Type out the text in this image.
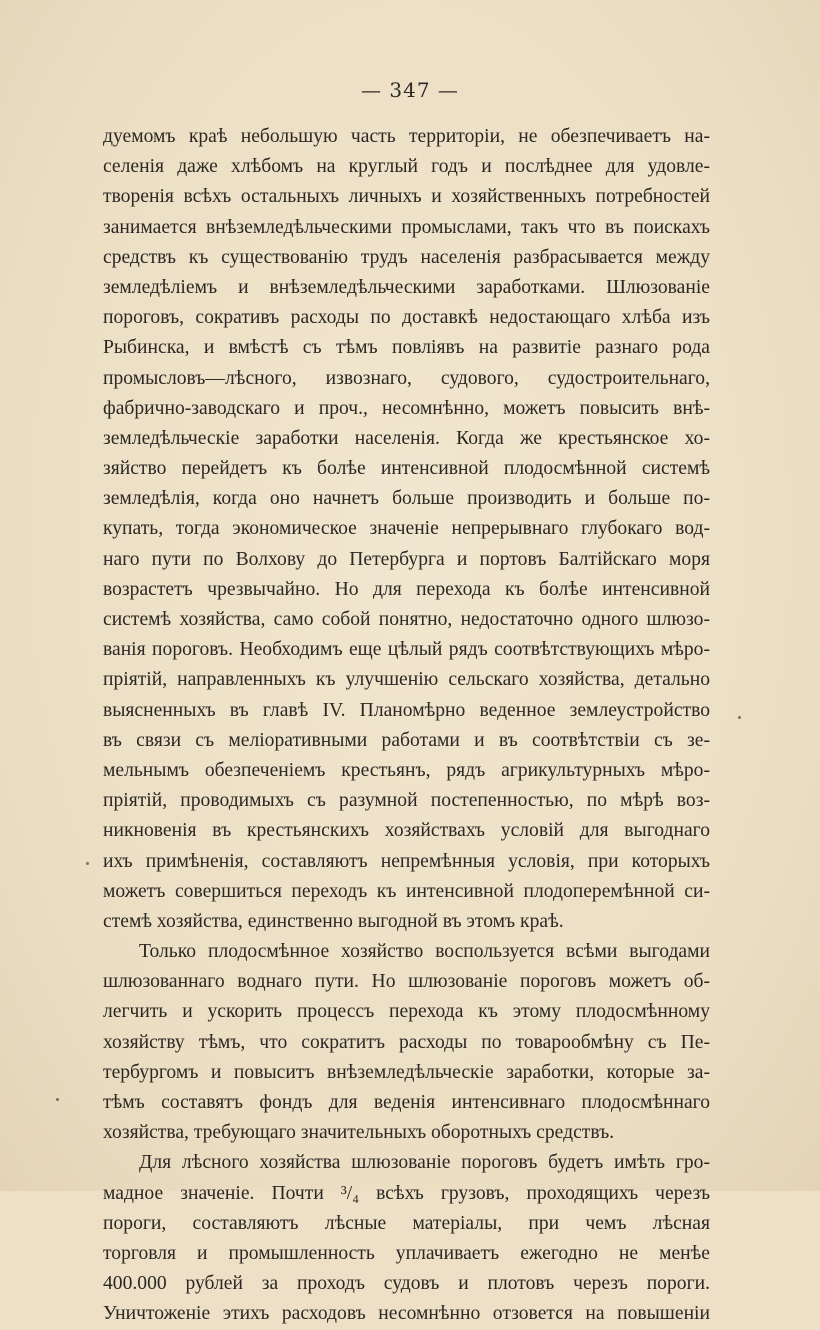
— 347 —
дуемомъ краѣ небольшую часть территоріи, не обезпечиваетъ на-
селенія даже хлѣбомъ на круглый годъ и послѣднее для удовле-
творенія всѣхъ остальныхъ личныхъ и хозяйственныхъ потребностей
занимается внѣземледѣльческими промыслами, такъ что въ поискахъ
средствъ къ существованію трудъ населенія разбрасывается между
земледѣліемъ и внѣземледѣльческими заработками. Шлюзованіе
пороговъ, сокративъ расходы по доставкѣ недостающаго хлѣба изъ
Рыбинска, и вмѣстѣ съ тѣмъ повліявъ на развитіе разнаго рода
промысловъ—лѣсного, извознаго, судового, судостроительнаго,
фабрично-заводскаго и проч., несомнѣнно, можетъ повысить внѣ-
земледѣльческіе заработки населенія. Когда же крестьянское хо-
зяйство перейдетъ къ болѣе интенсивной плодосмѣнной системѣ
земледѣлія, когда оно начнетъ больше производить и больше по-
купать, тогда экономическое значеніе непрерывнаго глубокаго вод-
наго пути по Волхову до Петербурга и портовъ Балтійскаго моря
возрастетъ чрезвычайно. Но для перехода къ болѣе интенсивной
системѣ хозяйства, само собой понятно, недостаточно одного шлюзо-
ванія пороговъ. Необходимъ еще цѣлый рядъ соотвѣтствующихъ мѣро-
пріятій, направленныхъ къ улучшенію сельскаго хозяйства, детально
выясненныхъ въ главѣ IV. Планомѣрно веденное землеустройство
въ связи съ меліоративными работами и въ соотвѣтствіи съ зе-
мельнымъ обезпеченіемъ крестьянъ, рядъ агрикультурныхъ мѣро-
пріятій, проводимыхъ съ разумной постепенностью, по мѣрѣ воз-
никновенія въ крестьянскихъ хозяйствахъ условій для выгоднаго
ихъ примѣненія, составляютъ непремѣнныя условія, при которыхъ
можетъ совершиться переходъ къ интенсивной плодоперемѣнной си-
стемѣ хозяйства, единственно выгодной въ этомъ краѣ.
Только плодосмѣнное хозяйство воспользуется всѣми выгодами
шлюзованнаго воднаго пути. Но шлюзованіе пороговъ можетъ об-
легчить и ускорить процессъ перехода къ этому плодосмѣнному
хозяйству тѣмъ, что сократитъ расходы по товарообмѣну съ Пе-
тербургомъ и повыситъ внѣземледѣльческіе заработки, которые за-
тѣмъ составятъ фондъ для веденія интенсивнаго плодосмѣннаго
хозяйства, требующаго значительныхъ оборотныхъ средствъ.
Для лѣсного хозяйства шлюзованіе пороговъ будетъ имѣть гро-
мадное значеніе. Почти ³/₄ всѣхъ грузовъ, проходящихъ черезъ
пороги, составляютъ лѣсные матеріалы, при чемъ лѣсная
торговля и промышленность уплачиваетъ ежегодно не менѣе
400.000 рублей за проходъ судовъ и плотовъ черезъ пороги.
Уничтоженіе этихъ расходовъ несомнѣнно отзовется на повышеніи
